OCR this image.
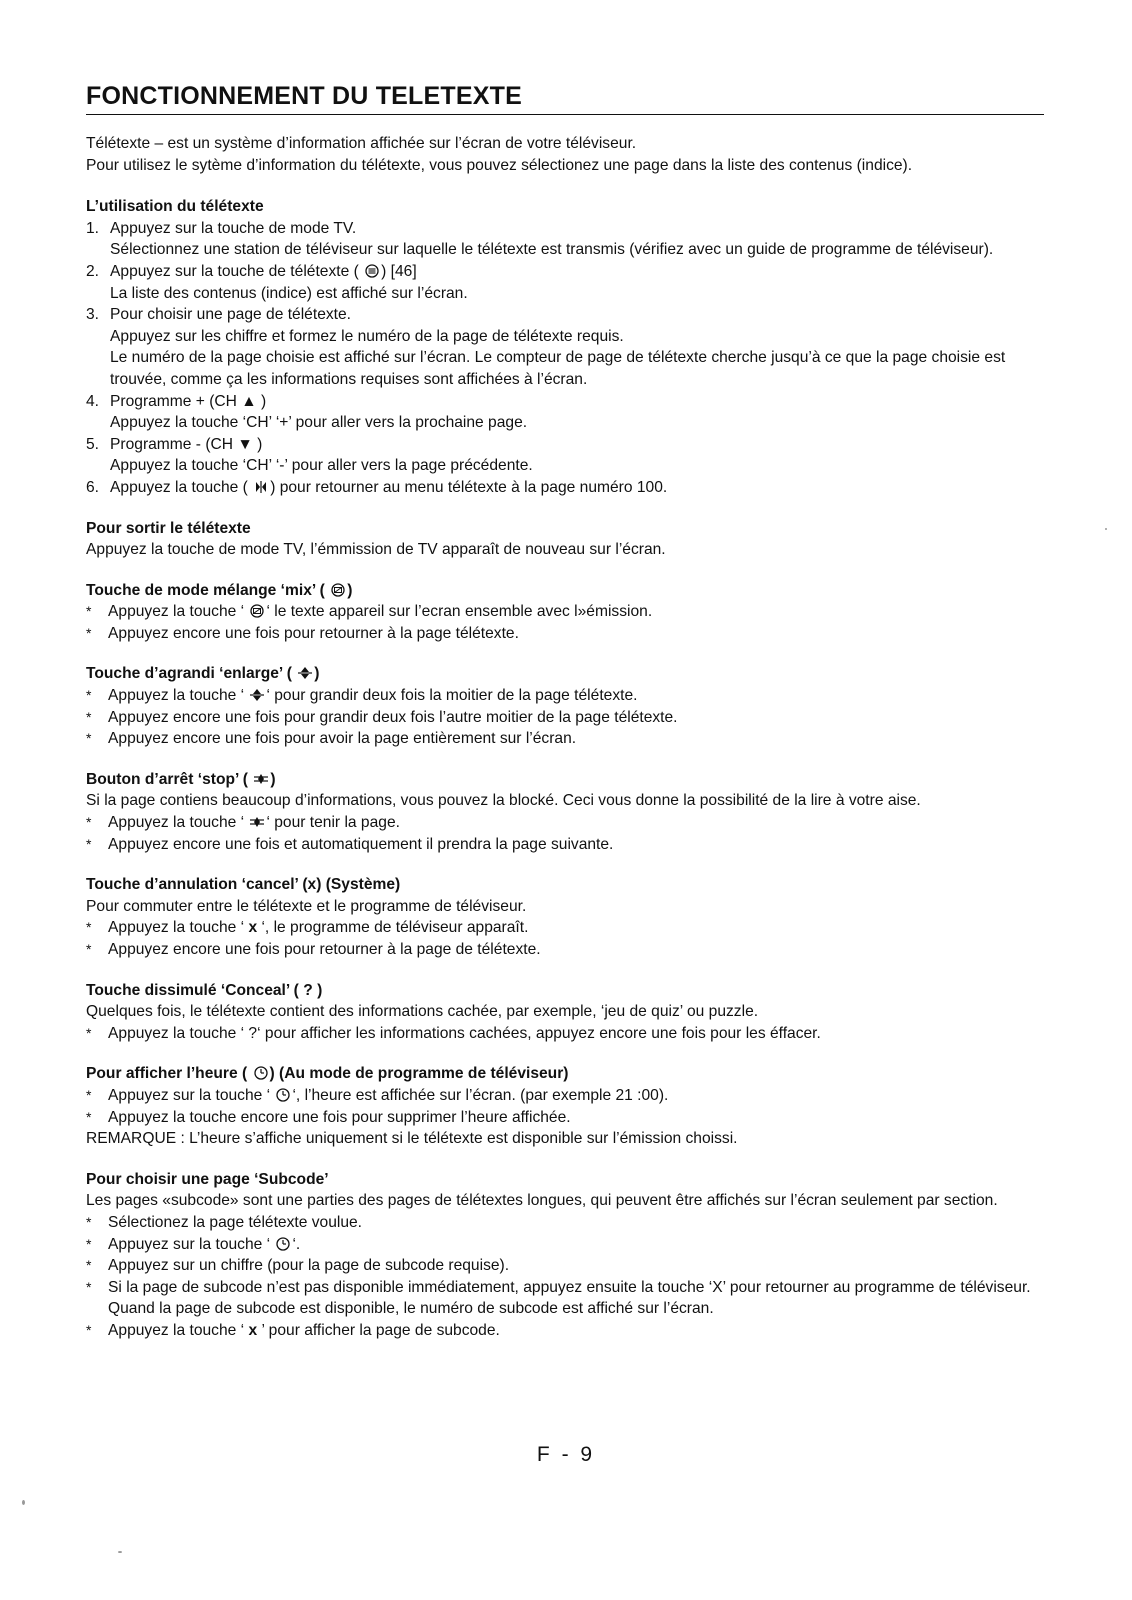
FONCTIONNEMENT DU TELETEXTE

Télétexte – est un système d’information affichée sur l’écran de votre téléviseur.

Pour utilisez le sytème d’information du télétexte, vous pouvez sélectionez une page dans la liste des contenus (indice).

L’utilisation du télétexte
1. Appuyez sur la touche de mode TV.
Sélectionnez une station de téléviseur sur laquelle le télétexte est transmis (vérifiez avec un guide de programme de téléviseur).
2. Appuyez sur la touche de télétexte ( ) [46]
La liste des contenus (indice) est affiché sur l’écran.
3. Pour choisir une page de télétexte.
Appuyez sur les chiffre et formez le numéro de la page de télétexte requis.
Le numéro de la page choisie est affiché sur l’écran. Le compteur de page de télétexte cherche jusqu’à ce que la page choisie est trouvée, comme ça les informations requises sont affichées à l’écran.
4. Programme + (CH ▲ )
Appuyez la touche ‘CH’ ‘+’ pour aller vers la prochaine page.
5. Programme - (CH ▼ )
Appuyez la touche ‘CH’ ‘-’ pour aller vers la page précédente.
6. Appuyez la touche ( ) pour retourner au menu télétexte à la page numéro 100.
Pour sortir le télétexte

Appuyez la touche de mode TV, l’émmission de TV apparaît de nouveau sur l’écran.

Touche de mode mélange ‘mix’ ( )
* Appuyez la touche ‘ ‘ le texte appareil sur l’ecran ensemble avec l»émission.
* Appuyez encore une fois pour retourner à la page télétexte.
Touche d’agrandi ‘enlarge’ ( )
* Appuyez la touche ‘ ‘ pour grandir deux fois la moitier de la page télétexte.
* Appuyez encore une fois pour grandir deux fois l’autre moitier de la page télétexte.
* Appuyez encore une fois pour avoir la page entièrement sur l’écran.
Bouton d’arrêt ‘stop’ ( )

Si la page contiens beaucoup d’informations, vous pouvez la blocké. Ceci vous donne la possibilité de la lire à votre aise.

* Appuyez la touche ‘ ‘ pour tenir la page.
* Appuyez encore une fois et automatiquement il prendra la page suivante.
Touche d’annulation ‘cancel’ (x) (Système)

Pour commuter entre le télétexte et le programme de téléviseur.

* Appuyez la touche ‘ x ‘, le programme de téléviseur apparaît.
* Appuyez encore une fois pour retourner à la page de télétexte.
Touche dissimulé ‘Conceal’ ( ? )

Quelques fois, le télétexte contient des informations cachée, par exemple, ‘jeu de quiz’ ou puzzle.

* Appuyez la touche ‘ ?‘ pour afficher les informations cachées, appuyez encore une fois pour les éffacer.
Pour afficher l’heure ( ) (Au mode de programme de téléviseur)
* Appuyez sur la touche ‘ ‘, l’heure est affichée sur l’écran. (par exemple 21 :00).
* Appuyez la touche encore une fois pour supprimer l’heure affichée.

REMARQUE : L’heure s’affiche uniquement si le télétexte est disponible sur l’émission choissi.

Pour choisir une page ‘Subcode’

Les pages «subcode» sont une parties des pages de télétextes longues, qui peuvent être affichés sur l’écran seulement par section.

* Sélectionez la page télétexte voulue.
* Appuyez sur la touche ‘ ‘.
* Appuyez sur un chiffre (pour la page de subcode requise).
* Si la page de subcode n’est pas disponible immédiatement, appuyez ensuite la touche ‘X’ pour retourner au programme de téléviseur. Quand la page de subcode est disponible, le numéro de subcode est affiché sur l’écran.
* Appuyez la touche ‘ x ’ pour afficher la page de subcode.
F - 9
